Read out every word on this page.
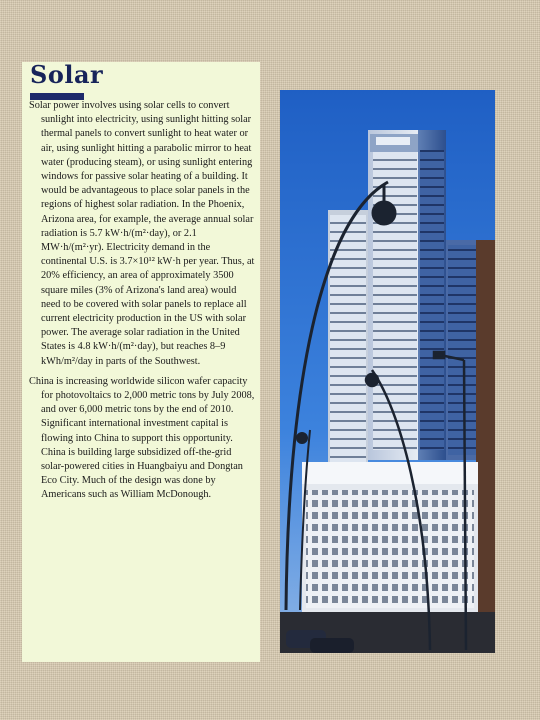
Solar

Solar power involves using solar cells to convert sunlight into electricity, using sunlight hitting solar thermal panels to convert sunlight to heat water or air, using sunlight hitting a parabolic mirror to heat water (producing steam), or using sunlight entering windows for passive solar heating of a building. It would be advantageous to place solar panels in the regions of highest solar radiation. In the Phoenix, Arizona area, for example, the average annual solar radiation is 5.7 kW·h/(m²·day), or 2.1 MW·h/(m²·yr). Electricity demand in the continental U.S. is 3.7×10¹² kW·h per year. Thus, at 20% efficiency, an area of approximately 3500 square miles (3% of Arizona's land area) would need to be covered with solar panels to replace all current electricity production in the US with solar power. The average solar radiation in the United States is 4.8 kW·h/(m²·day), but reaches 8–9 kWh/m²/day in parts of the Southwest.

China is increasing worldwide silicon wafer capacity for photovoltaics to 2,000 metric tons by July 2008, and over 6,000 metric tons by the end of 2010. Significant international investment capital is flowing into China to support this opportunity. China is building large subsidized off-the-grid solar-powered cities in Huangbaiyu and Dongtan Eco City. Much of the design was done by Americans such as William McDonough.
